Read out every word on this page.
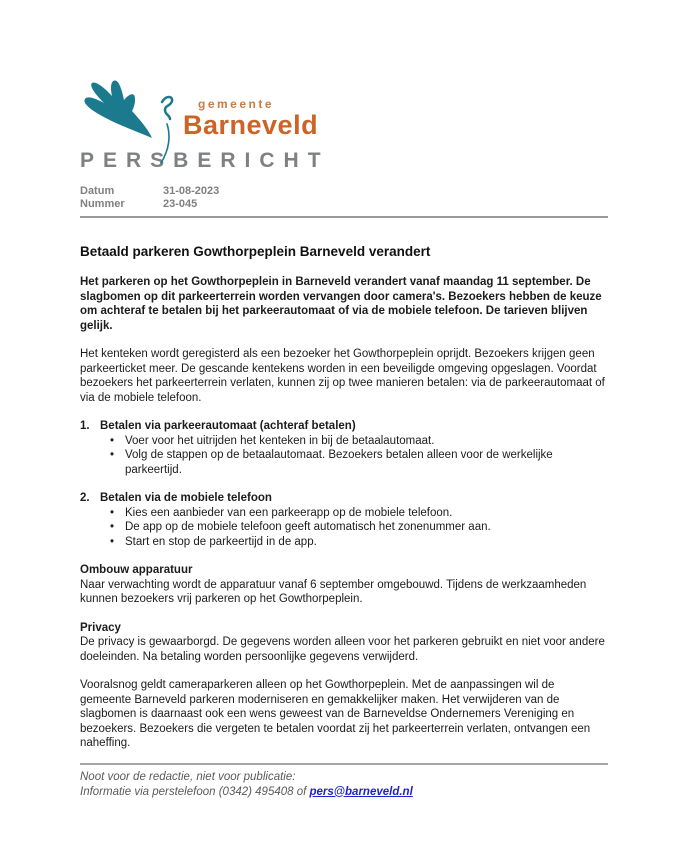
gemeente
Barneveld
PERSBERICHT
Datum	31-08-2023
Nummer	23-045
Betaald parkeren Gowthorpeplein Barneveld verandert

Het parkeren op het Gowthorpeplein in Barneveld verandert vanaf maandag 11 september. De slagbomen op dit parkeerterrein worden vervangen door camera's. Bezoekers hebben de keuze om achteraf te betalen bij het parkeerautomaat of via de mobiele telefoon. De tarieven blijven gelijk.

Het kenteken wordt geregisterd als een bezoeker het Gowthorpeplein oprijdt. Bezoekers krijgen geen parkeerticket meer. De gescande kentekens worden in een beveiligde omgeving opgeslagen. Voordat bezoekers het parkeerterrein verlaten, kunnen zij op twee manieren betalen: via de parkeerautomaat of via de mobiele telefoon.

1. Betalen via parkeerautomaat (achteraf betalen)
• Voer voor het uitrijden het kenteken in bij de betaalautomaat.
• Volg de stappen op de betaalautomaat. Bezoekers betalen alleen voor de werkelijke parkeertijd.
2. Betalen via de mobiele telefoon
• Kies een aanbieder van een parkeerapp op de mobiele telefoon.
• De app op de mobiele telefoon geeft automatisch het zonenummer aan.
• Start en stop de parkeertijd in de app.
Ombouw apparatuur
Naar verwachting wordt de apparatuur vanaf 6 september omgebouwd. Tijdens de werkzaamheden kunnen bezoekers vrij parkeren op het Gowthorpeplein.
Privacy
De privacy is gewaarborgd. De gegevens worden alleen voor het parkeren gebruikt en niet voor andere doeleinden. Na betaling worden persoonlijke gegevens verwijderd.

Vooralsnog geldt cameraparkeren alleen op het Gowthorpeplein. Met de aanpassingen wil de gemeente Barneveld parkeren moderniseren en gemakkelijker maken. Het verwijderen van de slagbomen is daarnaast ook een wens geweest van de Barneveldse Ondernemers Vereniging en bezoekers. Bezoekers die vergeten te betalen voordat zij het parkeerterrein verlaten, ontvangen een naheffing.

Noot voor de redactie, niet voor publicatie:
Informatie via perstelefoon (0342) 495408 of pers@barneveld.nl
